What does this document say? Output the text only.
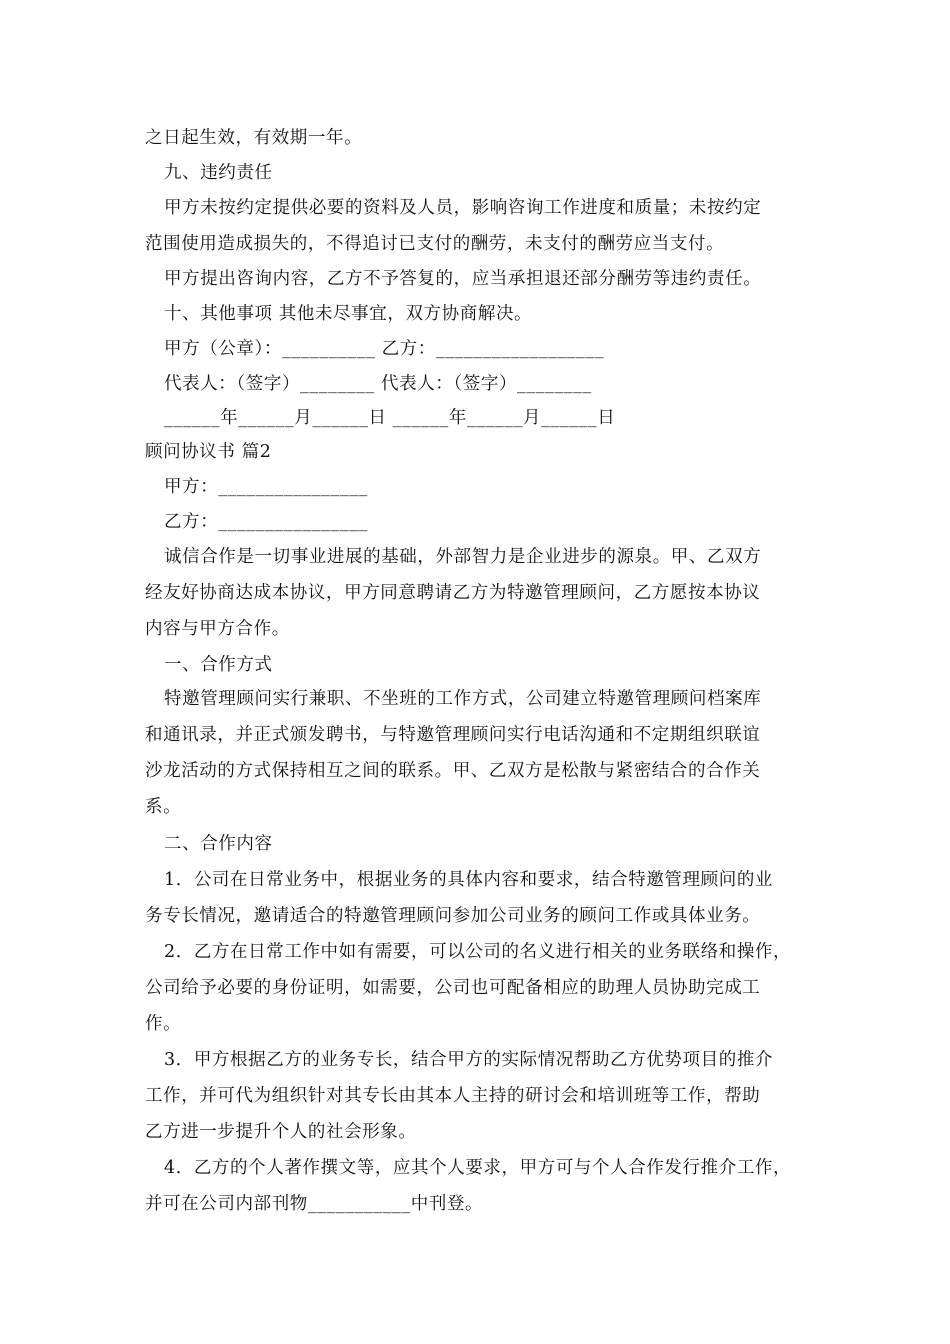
之日起生效，有效期一年。
九、违约责任
甲方未按约定提供必要的资料及人员，影响咨询工作进度和质量；未按约定
范围使用造成损失的，不得追讨已支付的酬劳，未支付的酬劳应当支付。
甲方提出咨询内容，乙方不予答复的，应当承担退还部分酬劳等违约责任。
十、其他事项 其他未尽事宜，双方协商解决。
甲方（公章）：__________ 乙方：__________________
代表人：（签字）________ 代表人：（签字）________
______年______月______日 ______年______月______日
顾问协议书 篇2
甲方：________________
乙方：________________
诚信合作是一切事业进展的基础，外部智力是企业进步的源泉。甲、乙双方
经友好协商达成本协议，甲方同意聘请乙方为特邀管理顾问，乙方愿按本协议
内容与甲方合作。
一、合作方式
特邀管理顾问实行兼职、不坐班的工作方式，公司建立特邀管理顾问档案库
和通讯录，并正式颁发聘书，与特邀管理顾问实行电话沟通和不定期组织联谊
沙龙活动的方式保持相互之间的联系。甲、乙双方是松散与紧密结合的合作关
系。
二、合作内容
1．公司在日常业务中，根据业务的具体内容和要求，结合特邀管理顾问的业
务专长情况，邀请适合的特邀管理顾问参加公司业务的顾问工作或具体业务。
2．乙方在日常工作中如有需要，可以公司的名义进行相关的业务联络和操作，
公司给予必要的身份证明，如需要，公司也可配备相应的助理人员协助完成工
作。
3．甲方根据乙方的业务专长，结合甲方的实际情况帮助乙方优势项目的推介
工作，并可代为组织针对其专长由其本人主持的研讨会和培训班等工作，帮助
乙方进一步提升个人的社会形象。
4．乙方的个人著作撰文等，应其个人要求，甲方可与个人合作发行推介工作，
并可在公司内部刊物___________中刊登。
